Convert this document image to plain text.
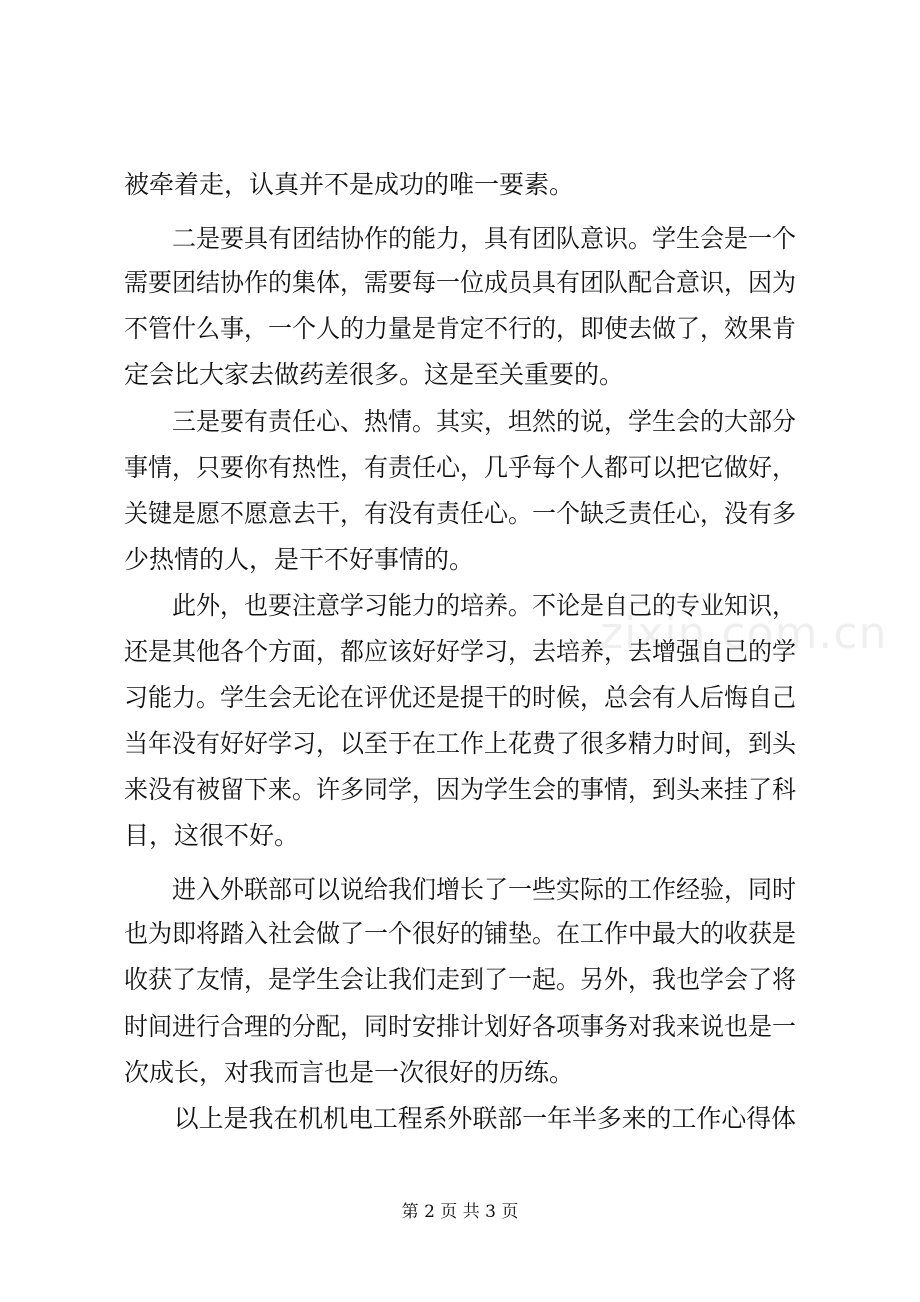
zixin.com.cn
被牵着走，认真并不是成功的唯一要素。
　　二是要具有团结协作的能力，具有团队意识。学生会是一个
需要团结协作的集体，需要每一位成员具有团队配合意识，因为
不管什么事，一个人的力量是肯定不行的，即使去做了，效果肯
定会比大家去做药差很多。这是至关重要的。
　　三是要有责任心、热情。其实，坦然的说，学生会的大部分
事情，只要你有热性，有责任心，几乎每个人都可以把它做好，
关键是愿不愿意去干，有没有责任心。一个缺乏责任心，没有多
少热情的人，是干不好事情的。
　　此外，也要注意学习能力的培养。不论是自己的专业知识，
还是其他各个方面，都应该好好学习，去培养，去增强自己的学
习能力。学生会无论在评优还是提干的时候，总会有人后悔自己
当年没有好好学习，以至于在工作上花费了很多精力时间，到头
来没有被留下来。许多同学，因为学生会的事情，到头来挂了科
目，这很不好。
　　进入外联部可以说给我们增长了一些实际的工作经验，同时
也为即将踏入社会做了一个很好的铺垫。在工作中最大的收获是
收获了友情，是学生会让我们走到了一起。另外，我也学会了将
时间进行合理的分配，同时安排计划好各项事务对我来说也是一
次成长，对我而言也是一次很好的历练。
　　以上是我在机机电工程系外联部一年半多来的工作心得体
第 2 页 共 3 页
